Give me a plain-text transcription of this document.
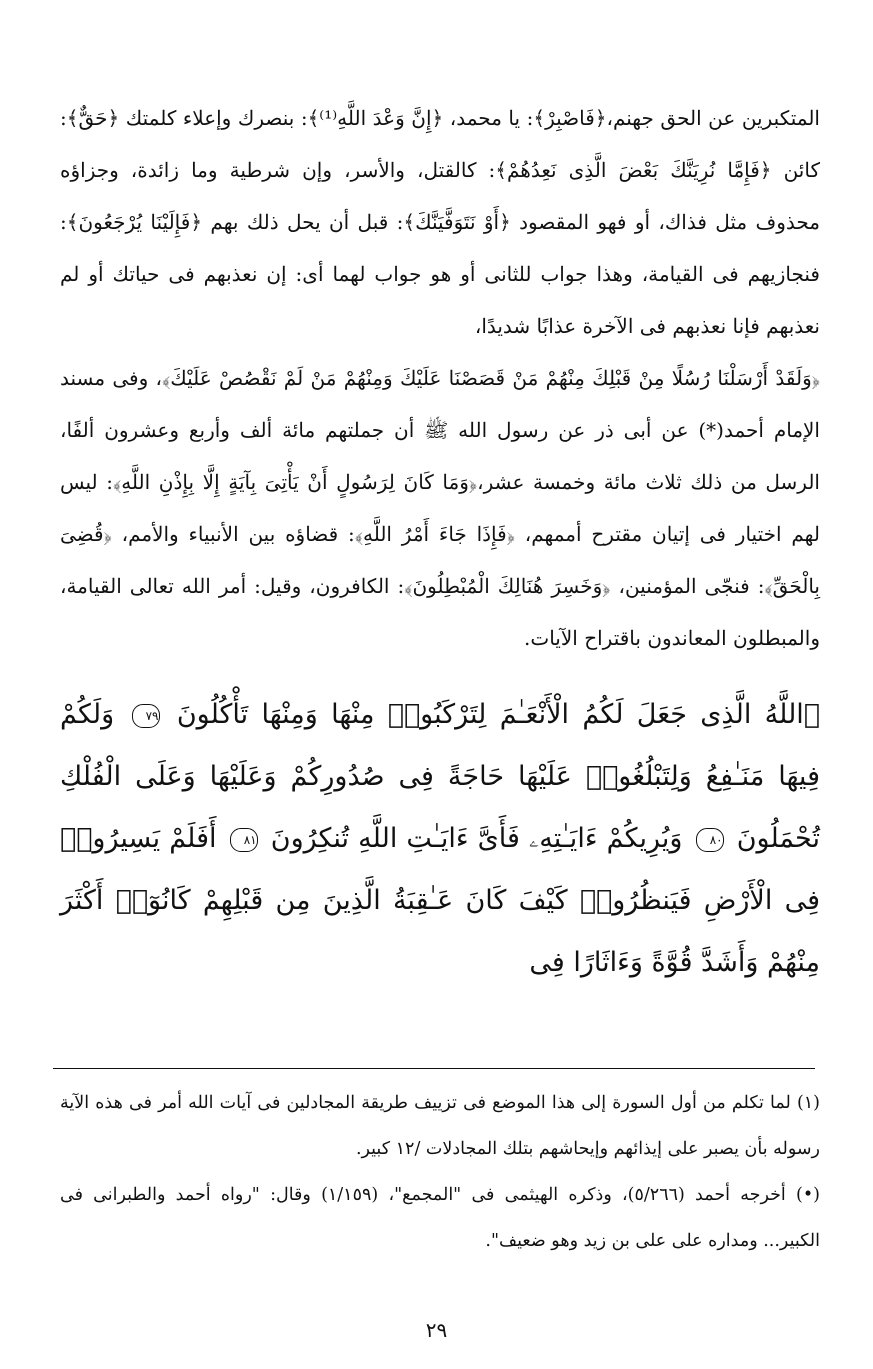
المتكبرين عن الحق جهنم،﴿فَاصْبِرْ﴾: يا محمد، ﴿إِنَّ وَعْدَ اللَّهِ⁽¹⁾﴾: بنصرك وإعلاء كلمتك ﴿حَقٌّ﴾: كائن ﴿فَإِمَّا نُرِيَنَّكَ بَعْضَ الَّذِى نَعِدُهُمْ﴾: كالقتل، والأسر، وإن شرطية وما زائدة، وجزاؤه محذوف مثل فذاك، أو فهو المقصود ﴿أَوْ نَتَوَفَّيَنَّكَ﴾: قبل أن يحل ذلك بهم ﴿فَإِلَيْنَا يُرْجَعُونَ﴾: فنجازيهم فى القيامة، وهذا جواب للثانى أو هو جواب لهما أى: إن نعذبهم فى حياتك أو لم نعذبهم فإنا نعذبهم فى الآخرة عذابًا شديدًا،

﴿وَلَقَدْ أَرْسَلْنَا رُسُلًا مِنْ قَبْلِكَ مِنْهُمْ مَنْ قَصَصْنَا عَلَيْكَ وَمِنْهُمْ مَنْ لَمْ نَقْصُصْ عَلَيْكَ﴾، وفى مسند الإمام أحمد(*) عن أبى ذر عن رسول الله ﷺ أن جملتهم مائة ألف وأربع وعشرون ألفًا، الرسل من ذلك ثلاث مائة وخمسة عشر،﴿وَمَا كَانَ لِرَسُولٍ أَنْ يَأْتِىَ بِآيَةٍ إِلَّا بِإِذْنِ اللَّهِ﴾: ليس لهم اختيار فى إتيان مقترح أممهم، ﴿فَإِذَا جَاءَ أَمْرُ اللَّهِ﴾: قضاؤه بين الأنبياء والأمم، ﴿قُضِىَ بِالْحَقِّ﴾: فنجّى المؤمنين، ﴿وَخَسِرَ هُنَالِكَ الْمُبْطِلُونَ﴾: الكافرون، وقيل: أمر الله تعالى القيامة، والمبطلون المعاندون باقتراح الآيات.

﴿اللَّهُ الَّذِى جَعَلَ لَكُمُ الْأَنْعَـٰمَ لِتَرْكَبُوا۟ مِنْهَا وَمِنْهَا تَأْكُلُونَ ٧٩ وَلَكُمْ فِيهَا مَنَـٰفِعُ وَلِتَبْلُغُوا۟ عَلَيْهَا حَاجَةً فِى صُدُورِكُمْ وَعَلَيْهَا وَعَلَى الْفُلْكِ تُحْمَلُونَ ٨٠ وَيُرِيكُمْ ءَايَـٰتِهِۦ فَأَىَّ ءَايَـٰتِ اللَّهِ تُنكِرُونَ ٨١ أَفَلَمْ يَسِيرُوا۟ فِى الْأَرْضِ فَيَنظُرُوا۟ كَيْفَ كَانَ عَـٰقِبَةُ الَّذِينَ مِن قَبْلِهِمْ كَانُوٓا۟ أَكْثَرَ مِنْهُمْ وَأَشَدَّ قُوَّةً وَءَاثَارًا فِى

(١) لما تكلم من أول السورة إلى هذا الموضع فى تزييف طريقة المجادلين فى آيات الله أمر فى هذه الآية رسوله بأن يصبر على إيذائهم وإيحاشهم بتلك المجادلات /١٢ كبير.

(•) أخرجه أحمد (٥/٢٦٦)، وذكره الهيثمى فى "المجمع"، (١/١٥٩) وقال: "رواه أحمد والطبرانى فى الكبير... ومداره على على بن زيد وهو ضعيف".

٢٩
